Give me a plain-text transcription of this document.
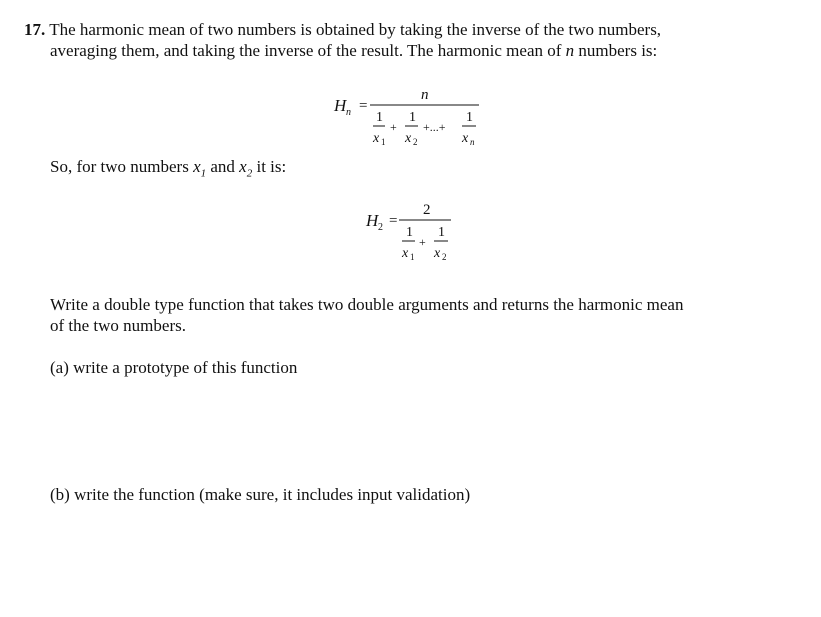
17. The harmonic mean of two numbers is obtained by taking the inverse of the two numbers,
averaging them, and taking the inverse of the result. The harmonic mean of n numbers is:
H n =
n
1
x 1
+
1
x 2
+...+
1
x n
So, for two numbers $x_1$ and $x_2$ it is:
H 2 =
2
1
x 1
+
1
x 2
Write a double type function that takes two double arguments and returns the harmonic mean
of the two numbers.
(a) write a prototype of this function
(b) write the function (make sure, it includes input validation)
